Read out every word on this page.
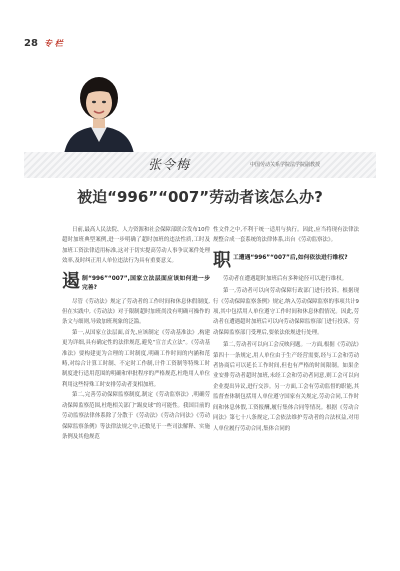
28 专 栏
张令梅	中国劳动关系学院法学院副教授
被迫“996”“007”劳动者该怎么办?

日前,最高人民法院、人力资源和社会保障部联合发布10件超时加班典型案例,进一步明确了超时加班的违法性质,工时及加班工资法律适用标准,这对于切实提高劳动人事争议案件处理效率,及时纠正用人单位违法行为具有重要意义。

遏 制“996”“007”,国家立法层面应该如何进一步完善?

尽管《劳动法》规定了劳动者的工作时间和休息休假制度,但在实践中,《劳动法》对于限制超时加班尚没有明确可操作的条文与细则,导致加班现象的泛滥。

第一,从国家立法层面,首先,应该制定《劳动基准法》,构建更为详细,具有确定性的法律规范,避免“宣言式立法”。《劳动基准法》要构建更为合理的工时制度,明确工作时间的内涵和范畴,对综合计算工时制、不定时工作制,计件工资制等特殊工时制度进行适用范围的明确和审批程序的严格规范,杜绝用人单位利用这些特殊工时安排劳动者变相加班。

第二,完善劳动保障监察制度,制定《劳动监察法》,明确劳动保障监察范围,杜绝相关部门“踢皮球”的可能性。我国目前的劳动监察法律体系除了分散于《劳动法》《劳动合同法》《劳动保障监察条例》等法律法规之中,还数见于一些司法解释、实施条例及其他规范

性文件之中,不利于统一适用与执行。因此,应当将现有法律法规整合成一套系统的法律体系,出台《劳动监察法》。

职 工遭遇“996”“007”后,如何依法进行维权?

劳动者在遭遇超时加班后有多种途径可以进行维权。

第一,劳动者可以向劳动保障行政部门进行投诉。根据现行《劳动保障监察条例》规定,纳入劳动保障监察的事项共计9项,其中包括用人单位遵守工作时间和休息休假情况。因此,劳动者在遭遇超时加班后可以向劳动保障监察部门进行投诉。劳动保障监察部门受理后,要依法依规进行处理。

第二,劳动者可以向工会反映问题。一方面,根据《劳动法》第四十一条规定,用人单位由于生产经营需要,经与工会和劳动者协商后可以延长工作时间,但也有严格的时间限制。如果企业安排劳动者超时加班,未经工会和劳动者同意,则工会可以向企业提出异议,进行交涉。另一方面,工会有劳动监督的职能,其监督查体制包括用人单位遵守国家有关规定,劳动合同,工作时间和休息休假,工资报酬,履行集体合同等情况。根据《劳动合同法》第七十八条规定,工会依法维护劳动者的合法权益,对用人单位履行劳动合同,集体合同的
